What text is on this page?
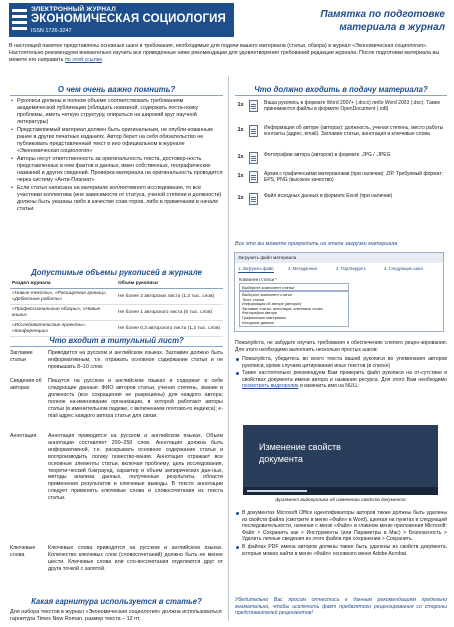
ЭЛЕКТРОННЫЙ ЖУРНАЛ
ЭКОНОМИЧЕСКАЯ СОЦИОЛОГИЯ
ISSN 1726-3247
Памятка по подготовке
материала в журнал
В настоящей памятке представлены основные шаги и требования, необходимые для подачи вашего материала (статьи, обзора) в журнал «Экономическая социология». Настоятельно рекомендуем внимательно изучить все приведенные ниже рекомендации для удовлетворения требований редакции журнала. После подготовки материала вы можете его направить по этой ссылке.
О чем очень важно помнить?
• Рукописи должны в полном объеме соответствовать требованиям академической публикации (обладать новизной, содержать поста-новку проблемы, иметь четкую структуру, опираться на широкий круг научной литературы)
• Представляемый материал должен быть оригинальным, не опубли-кованным ранее в других печатных изданиях. Автор берет на себя обязательство не публиковать представленный текст в ино официальном в журнале «Экономическая социология»
• Авторы несут ответственность за оригинальность текста, достовер-ность представленных в нем фактов и данных, имен собственных, географических названий и других сведений. Проверка материала на оригинальность проводится через систему «Анти-Плагиат»
• Если статья написана на материале коллективного исследования, то все участники коллектива (вне зависимости от статуса, ученой степени и должности) должны быть указаны либо в качестве соав-торов, либо в примечании в начале статьи.
Допустимые объемы рукописей в журнале
Раздел журнала	Объем рукописи
«Новые тексты», «Расширение границ», «Дебютные работы»	Не более 2 авторских листа (1,2 тыс. слов)
«Профессиональные обзоры», «Новые книги»	Не более 1 авторского листа (6 тыс. слов)
«Исследовательские проекты», «Конференции»	Не более 0,3 авторского листа (1,2 тыс. слов)
Что входит в титульный лист?
Заглавие статьи
Приводится на русском и английском языках. Заглавие должно быть информативным, т.е. отражать основное содержание статьи и не превышать 8–10 слов.
Сведения об авторах
Пишутся на русском и английском языках и содержат в себе следующие данные: ФИО авторов статьи, ученая степень, звание и должность (все сокращения не разрешены) для каждого автора; полное на-именование организации, в которой работают авторы статьи (в именительном падеже, с включением почтово-го индекса); e-mail адрес каждого автора статьи для связи.
Аннотация	Аннотация приводится на русском и английском языках. Объем аннотации составляет 200–250 слов. Аннотация должна быть информативной, т.е. раскрывать основное содержание статьи и воспроизводить логику повество-вания. Аннотация отражает все основные элементы статьи, включая проблему, цель исследования, теорети-ческий бэкграунд, характер и объем эмпирических дан-ных, методы анализа данных, полученные результаты, области применения результатов и ключевые выводы. В тексте аннотации следует применять ключевые слова и словосочетания из текста статьи.
Ключевые слова
Ключевые слова приводятся на русском и английском языках. Количество ключевых слов (словосочетаний) должно быть не менее шести. Ключевые слова или сло-восочетания отделяются друг от друга точкой с запятой.
Какая гарнитура используется в статье?
Для набора текстов в журнал «Экономическая социология» должна использоваться гарнитура Times New Roman, размер текста – 12 пт.
Что должно входить в подачу материала?
1x	Ваша рукопись в формате Word 2007+ (.docx) либо Word 2003 (.doc). Также принимаются файлы в формате OpenDocument (.odt)
1x	Информация об авторе (авторах): должность, ученая степень, место работы контакты (адрес, email). Заглавие статьи, аннотация и ключевые слова
1x	Фотографии автора (авторов) в формате .JPG / .JPEG
1x	Архив с графическими материалами (при наличии): ZIP. Требуемый формат: EPS, PNG (высокое качество)
1x	Файл исходных данных в формате Excel (при наличии)
Все это вы можете прикрепить на этапе загрузки материала
Загрузить файл материала
1. Загрузить файл	2. Метаданные	3. Подтвердить	4. Следующие шаги
Компонент статьи *
Выберите компонент статьи
Выберите компонент статьи
Текст статьи
Информация об авторе (авторах)
Заглавие статьи, аннотация, ключевые слова
Фотографии автора
Графические материалы
Исходные данные
Пожалуйста, не забудьте изучить требования к обеспечению слепого рецен-зирования. Для этого необходимо выполнить несколько простых шагов:
Пожалуйста, убедитесь во всего текста вашей рукописи во упоминания авторов рукописи, кроме случаев цитирования иных текстов (в списке)
Также настоятельно рекомендуем Вам проверить файл рукописи на от-сутствие в свойствах документа имени автора и названия ресурса. Для этого Вам необходимо посмотреть видеоролик и изменить имя на NULL:
Изменение свойств
документа
фрагмент видеоролика об изменении свойств документа
В документах Microsoft Office идентификаторы авторов также должны быть удалены из свойств файла (смотрите в меню «Файл» в Word), щелкая на пунктах в следующей последовательности, начиная с меню «Файл» в главном меню приложения Microsoft: Файл > Сохранить как > Инструменты (или Параметры в Mac) > Безопасность > Удалить личные сведения из этого файла при сохранении > Сохранить.
В файлах PDF имена авторов должны также быть удалены из свойств документа, которые можно найти в меню «Файл» основного меню Adobe Acrobat.
Убедительно Вас просим отнестись к данным рекомендациям предельно внимательно, чтобы исключить факт предвзятого рецензирования со стороны представителей рецензентов!
